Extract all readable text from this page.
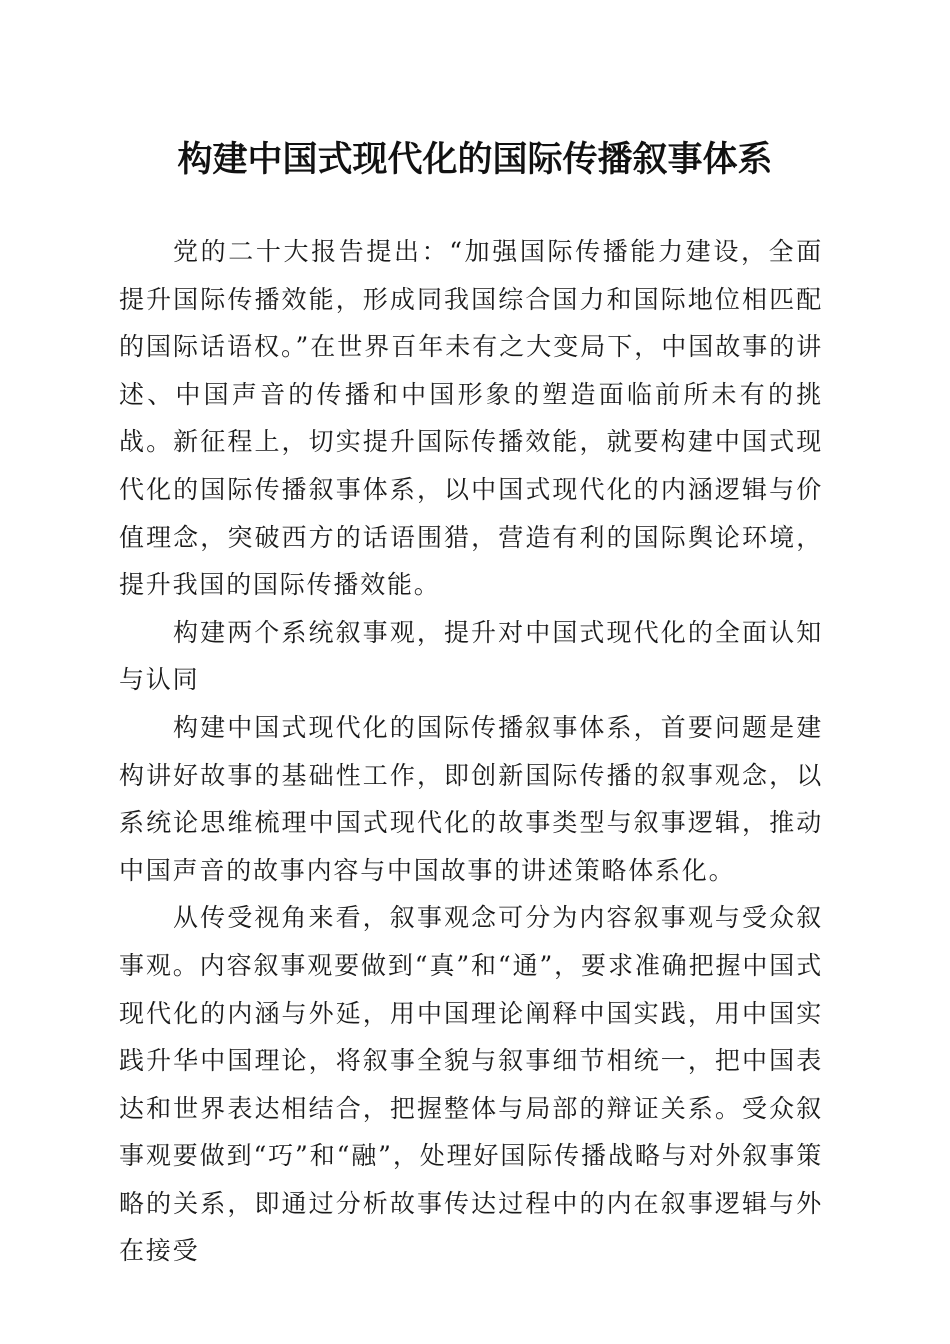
构建中国式现代化的国际传播叙事体系

党的二十大报告提出：“加强国际传播能力建设，全面提升国际传播效能，形成同我国综合国力和国际地位相匹配的国际话语权。”在世界百年未有之大变局下，中国故事的讲述、中国声音的传播和中国形象的塑造面临前所未有的挑战。新征程上，切实提升国际传播效能，就要构建中国式现代化的国际传播叙事体系，以中国式现代化的内涵逻辑与价值理念，突破西方的话语围猎，营造有利的国际舆论环境，提升我国的国际传播效能。

构建两个系统叙事观，提升对中国式现代化的全面认知与认同

构建中国式现代化的国际传播叙事体系，首要问题是建构讲好故事的基础性工作，即创新国际传播的叙事观念，以系统论思维梳理中国式现代化的故事类型与叙事逻辑，推动中国声音的故事内容与中国故事的讲述策略体系化。

从传受视角来看，叙事观念可分为内容叙事观与受众叙事观。内容叙事观要做到“真”和“通”，要求准确把握中国式现代化的内涵与外延，用中国理论阐释中国实践，用中国实践升华中国理论，将叙事全貌与叙事细节相统一，把中国表达和世界表达相结合，把握整体与局部的辩证关系。受众叙事观要做到“巧”和“融”，处理好国际传播战略与对外叙事策略的关系，即通过分析故事传达过程中的内在叙事逻辑与外在接受
